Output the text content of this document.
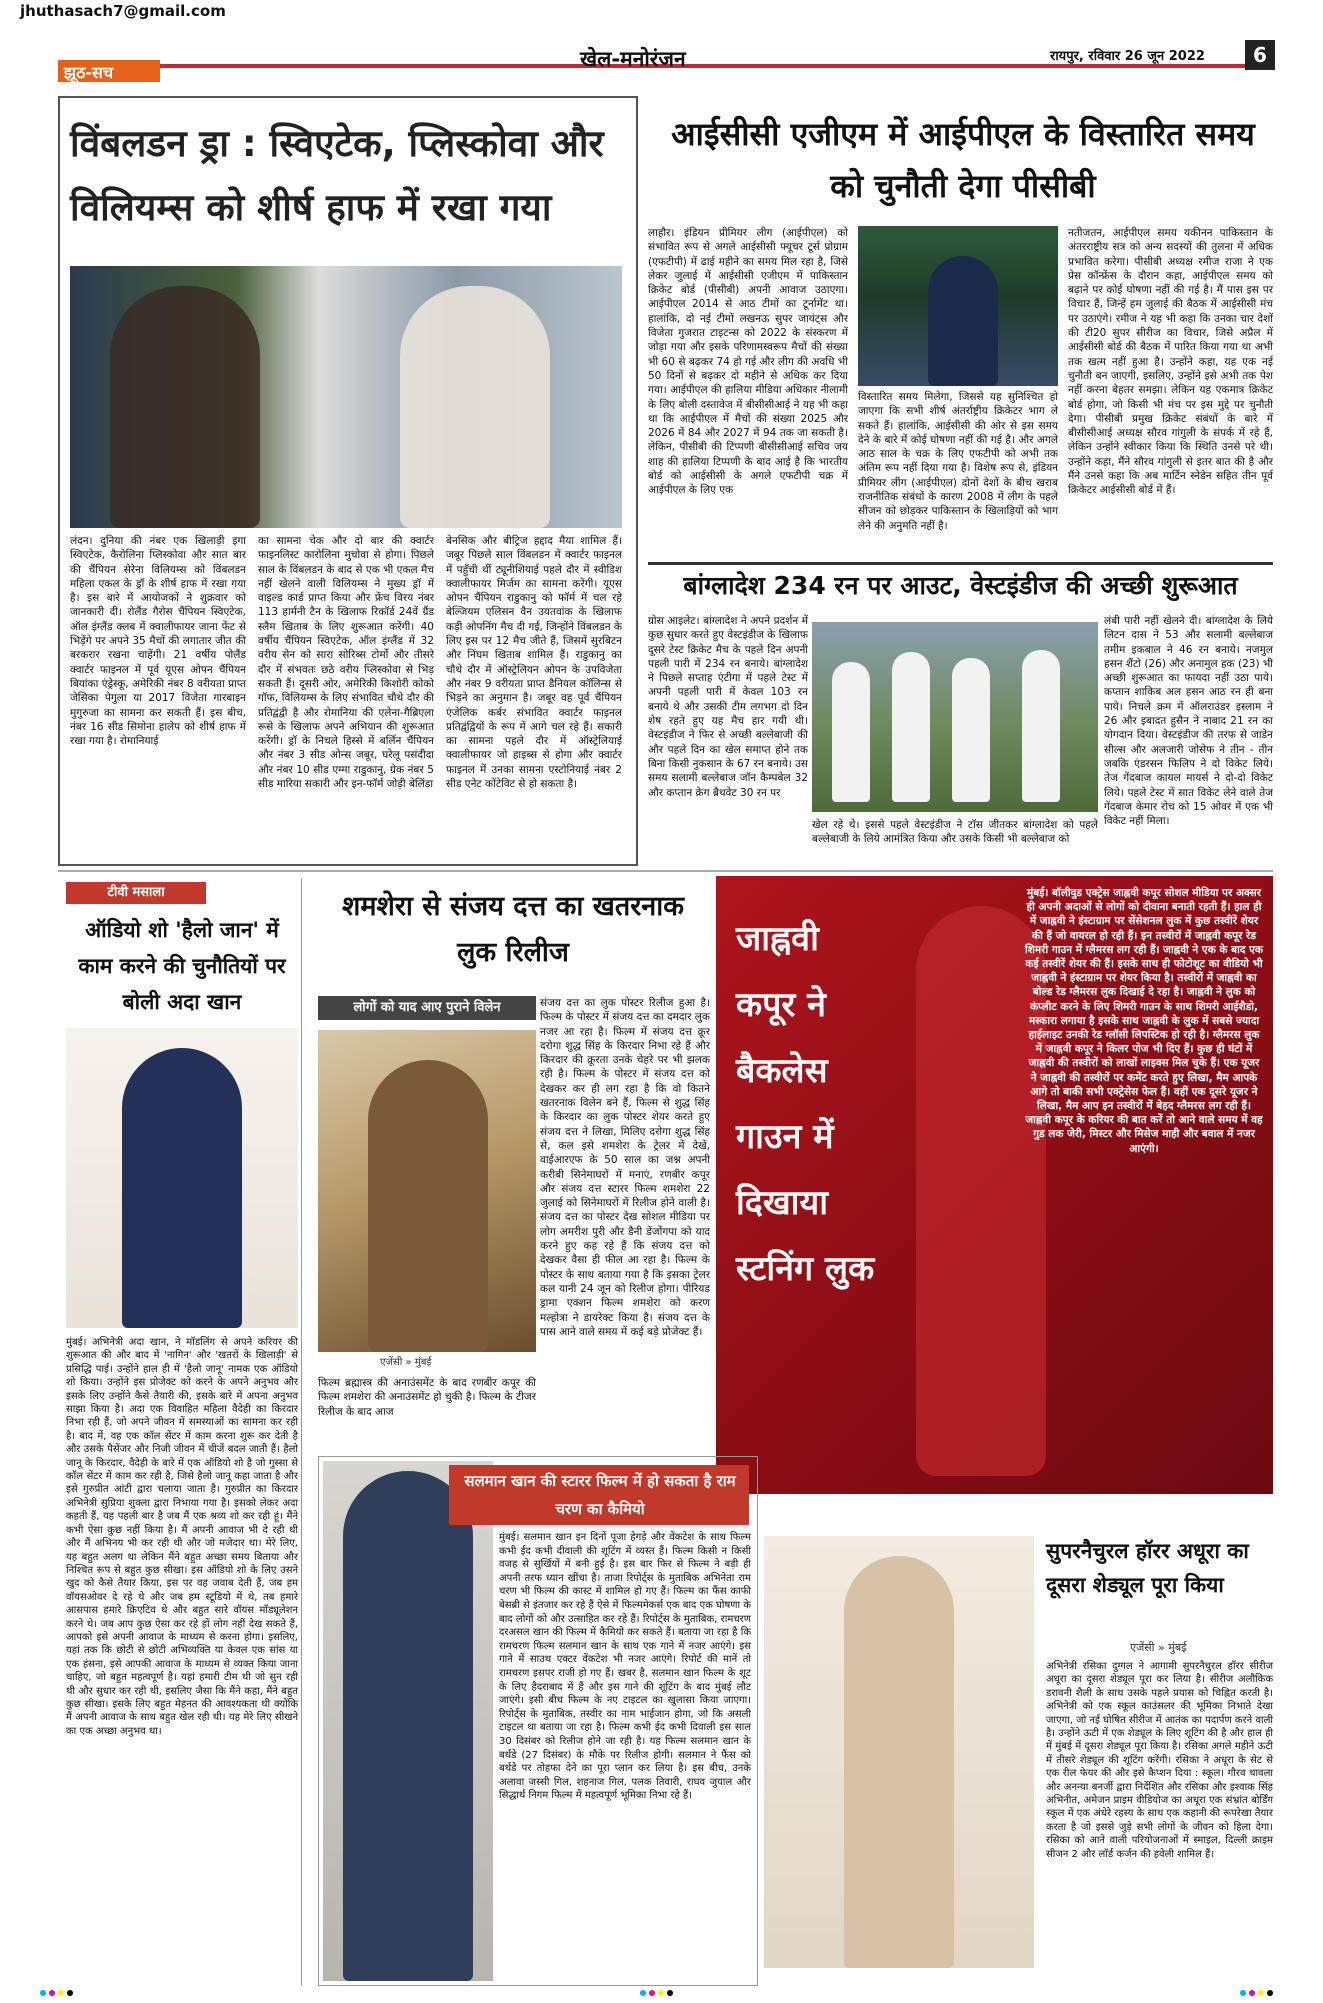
jhuthasach7@gmail.com
झूठ-सच
खेल-मनोरंजन	रायपुर, रविवार 26 जून 2022	6
विंबलडन ड्रा : स्विएटेक, प्लिस्कोवा और विलियम्स को शीर्ष हाफ में रखा गया
लंदन। दुनिया की नंबर एक खिलाड़ी इगा स्विएटेक, कैरोलिना प्लिस्कोवा और सात बार की चैंपियन सेरेना विलियम्स को विंबलडन महिला एकल के ड्रॉ के शीर्ष हाफ में रखा गया है। इस बारे में आयोजकों ने शुक्रवार को जानकारी दी। रोलैंड गैरोस चैंपियन स्विएटेक, ऑल इंग्लैंड क्लब में क्वालीफायर जाना फेंट से भिड़ेंगे पर अपने 35 मैचों की लगातार जीत की बरकरार रखना चाहेंगी। 21 वर्षीय पोलैंड क्वार्टर फाइनल में पूर्व यूएस ओपन चैंपियन बियांका एंड्रेस्कू, अमेरिकी नंबर 8 वरीयता प्राप्त जेसिका पेगुला या 2017 विजेता गारबाइन मुगुरुजा का सामना कर सकती हैं। इस बीच, नंबर 16 सीड सिमोना हालेप को शीर्ष हाफ में रखा गया है। रोमानियाई
का सामना चेक और दो बार की क्वार्टर फाइनलिस्ट कारोलिना मुचोवा से होगा। पिछले साल के विंबलडन के बाद से एक भी एकल मैच नहीं खेलने वाली विलियम्स ने मुख्य ड्रॉ में वाइल्ड कार्ड प्राप्त किया और फ्रेंच विरय नंबर 113 हार्मनी टैन के खिलाफ रिकॉर्ड 24वें ग्रैंड स्लैम खिताब के लिए शुरूआत करेंगी। 40 वर्षीय चैंपियन स्विएटेक, ऑल इंग्लैंड में 32 वरीय सेन को सारा सोरिब्स टोर्मो और तीसरे दौर में संभवतः छठे वरीय प्लिस्कोवा से भिड़ सकती हैं। दूसरी ओर, अमेरिकी किशोरी कोको गॉफ, विलियम्स के लिए संभावित चौथे दौर की प्रतिद्वंद्वी है और रोमानिया की एलेना-गैब्रिएला रूसे के खिलाफ अपने अभियान की शुरूआत करेंगी। ड्रॉ के निचले हिस्से में बर्लिन चैंपियन और नंबर 3 सीड ओन्स जबूर, घरेलू पसंदीदा और नंबर 10 सीड एम्मा राडुकानु, ग्रेक नंबर 5 सीड मारिया सकारी और इन-फॉर्म जोड़ी बेलिंडा
बेनसिक और बीट्रिज हद्दाद मैया शामिल हैं। जबूर पिछले साल विंबलडन में क्वार्टर फाइनल में पहुँची थीं ट्यूनीशियाई पहले दौर में स्वीडिश क्वालीफायर मिर्जम का सामना करेंगी। यूएस ओपन चैंपियन राडुकानु को फॉर्म में चल रहे बेल्जियम एलिसन वैन उयतवांक के खिलाफ कड़ी ओपनिंग मैच दी गई, जिन्होंने विंबलडन के लिए इस पर 12 मैच जीते हैं, जिसमें सुरबिटन और निंघम खिताब शामिल हैं। राडुकानु का चौथे दौर में ऑस्ट्रेलियन ओपन के उपविजेता और नंबर 9 वरीयता प्राप्त डैनियल कॉलिन्स से भिड़ने का अनुमान है। जबूर वह पूर्व चैंपियन एंजेलिक कर्बर संभावित क्वार्टर फाइनल प्रतिद्वंद्वियों के रूप में आगे चल रहे हैं। सकारी का सामना पहले दौर में ऑस्ट्रेलियाई क्वालीफायर जो हाइब्स से होगा और क्वार्टर फाइनल में उनका सामना एस्टोनियाई नंबर 2 सीड एनेट कोंटेविट से हो सकता है।
आईसीसी एजीएम में आईपीएल के विस्तारित समय को चुनौती देगा पीसीबी
लाहौर। इंडियन प्रीमियर लीग (आईपीएल) को संभावित रूप से अगले आईसीसी फ्यूचर टूर्स प्रोग्राम (एफटीपी) में ढाई महीने का समय मिल रहा है, जिसे लेकर जुलाई में आईसीसी एजीएम में पाकिस्तान क्रिकेट बोर्ड (पीसीबी) अपनी आवाज उठाएगा। आईपीएल 2014 से आठ टीमों का टूर्नामेंट था। हालांकि, दो नई टीमों लखनऊ सुपर जायंट्स और विजेता गुजरात टाइटन्स को 2022 के संस्करण में जोड़ा गया और इसके परिणामस्वरूप मैचों की संख्या भी 60 से बढ़कर 74 हो गई और लीग की अवधि भी 50 दिनों से बढ़कर दो महीने से अधिक कर दिया गया। आईपीएल की हालिया मीडिया अधिकार नीलामी के लिए बोली दस्तावेज में बीसीसीआई ने यह भी कहा था कि आईपीएल में मैचों की संख्या 2025 और 2026 में 84 और 2027 में 94 तक जा सकती है। लेकिन, पीसीबी की टिप्पणी बीसीसीआई सचिव जय शाह की हालिया टिप्पणी के बाद आई है कि भारतीय बोर्ड को आईसीसी के अगले एफटीपी चक्र में आईपीएल के लिए एक
विस्तारित समय मिलेगा, जिससे यह सुनिश्चित हो जाएगा कि सभी शीर्ष अंतर्राष्ट्रीय क्रिकेटर भाग ले सकते हैं। हालांकि, आईसीसी की ओर से इस समय देने के बारे में कोई घोषणा नहीं की गई है। और अगले आठ साल के चक्र के लिए एफटीपी को अभी तक अंतिम रूप नहीं दिया गया है। विशेष रूप से, इंडियन प्रीमियर लीग (आईपीएल) दोनों देशों के बीच खराब राजनीतिक संबंधों के कारण 2008 में लीग के पहले सीजन को छोड़कर पाकिस्तान के खिलाड़ियों को भाग लेने की अनुमति नहीं है।
नतीजतन, आईपीएल समय यकीनन पाकिस्तान के अंतरराष्ट्रीय सत्र को अन्य सदस्यों की तुलना में अधिक प्रभावित करेगा। पीसीबी अध्यक्ष रमीज राजा ने एक प्रेस कॉन्फ्रेंस के दौरान कहा, आईपीएल समय को बढ़ाने पर कोई घोषणा नहीं की गई है। मैं पास इस पर विचार हैं, जिन्हें हम जुलाई की बैठक में आईसीसी मंच पर उठाएंगे। रमीज ने यह भी कहा कि उनका चार देशों की टी20 सुपर सीरीज का विचार, जिसे अप्रैल में आईसीसी बोर्ड की बैठक में पारित किया गया था अभी तक खत्म नहीं हुआ है। उन्होंने कहा, यह एक नई चुनौती बन जाएगी, इसलिए, उन्होंने इसे अभी तक पेश नहीं करना बेहतर समझा। लेकिन यह एकमात्र क्रिकेट बोर्ड होगा, जो किसी भी मंच पर इस मुद्दे पर चुनौती देगा। पीसीबी प्रमुख क्रिकेट संबंधों के बारे में बीसीसीआई अध्यक्ष सौरव गांगुली के संपर्क में रहे हैं, लेकिन उन्होंने स्वीकार किया कि स्थिति उनसे परे थी। उन्होंने कहा, मैंने सौरव गांगुली से इतर बात की है और मैंने उनसे कहा कि अब मार्टिन स्नेडेन सहित तीन पूर्व क्रिकेटर आईसीसी बोर्ड में हैं।
बांग्लादेश 234 रन पर आउट, वेस्टइंडीज की अच्छी शुरूआत
ग्रोस आइलेट। बांग्लादेश ने अपने प्रदर्शन में कुछ सुधार करते हुए वेस्टइंडीज के खिलाफ दूसरे टेस्ट क्रिकेट मैच के पहले दिन अपनी पहली पारी में 234 रन बनाये। बांग्लादेश ने पिछले सप्ताह एंटीगा में पहले टेस्ट में अपनी पहली पारी में केवल 103 रन बनाये थे और उसकी टीम लगभग दो दिन शेष रहते हुए यह मैच हार गयी थी। वेस्टइंडीज ने फिर से अच्छी बल्लेबाजी की और पहले दिन का खेल समाप्त होने तक बिना किसी नुकसान के 67 रन बनाये। उस समय सलामी बल्लेबाज जॉन कैम्पबेल 32 और कप्तान क्रेग ब्रैथवेट 30 रन पर
खेल रहे थे। इससे पहले वेस्टइंडीज ने टॉस जीतकर बांग्लादेश को पहले बल्लेबाजी के लिये आमंत्रित किया और उसके किसी भी बल्लेबाज को
लंबी पारी नहीं खेलने दी। बांग्लादेश के लिये लिटन दास ने 53 और सलामी बल्लेबाज तमीम इकबाल ने 46 रन बनाये। नजमुल हसन शैंटो (26) और अनामुल हक (23) भी अच्छी शुरूआत का फायदा नहीं उठा पाये। कप्तान शाकिब अल हसन आठ रन ही बना पाये। निचले क्रम में ऑलराउंडर इस्लाम ने 26 और इबादत हुसैन ने नाबाद 21 रन का योगदान दिया। वेस्टइंडीज की तरफ से जाडेन सील्स और अलजारी जोसेफ ने तीन - तीन जबकि एंडरसन फिलिप ने दो विकेट लिये। तेज गेंदबाज कायल मायर्स ने दो-दो विकेट लिये। पहले टेस्ट में सात विकेट लेने वाले तेज गेंदबाज केमार रोच को 15 ओवर में एक भी विकेट नहीं मिला।
टीवी मसाला
ऑडियो शो 'हैलो जान' में काम करने की चुनौतियों पर बोली अदा खान
मुंबई। अभिनेत्री अदा खान, ने मॉडलिंग से अपने करियर की शुरूआत की और बाद में 'नागिन' और 'खतरों के खिलाड़ी' से प्रसिद्धि पाई। उन्होंने हाल ही में 'हैलो जानू' नामक एक ऑडियो शो किया। उन्होंने इस प्रोजेक्ट को करने के अपने अनुभव और इसके लिए उन्होंने कैसे तैयारी की, इसके बारे में अपना अनुभव साझा किया है। अदा एक विवाहित महिला वैदेही का किरदार निभा रही हैं, जो अपने जीवन में समस्याओं का सामना कर रही है। बाद में, वह एक कॉल सेंटर में काम करना शुरू कर देती है और उसके पैसेंजर और निजी जीवन में चीजें बदल जाती हैं। हैलो जानू के किरदार, वैदेही के बारे में एक ऑडियो शो है जो गुस्सा से कॉल सेंटर में काम कर रही है, जिसे हैलो जानू कहा जाता है और इसे गुरुप्रीत आंटी द्वारा चलाया जाता है। गुरुप्रीत का किरदार अभिनेत्री सुप्रिया शुक्ला द्वारा निभाया गया है। इसको लेकर अदा कहती हैं, यह पहली बार है जब मैं एक श्रव्य शो कर रही हूं। मैंने कभी ऐसा कुछ नहीं किया है। मैं अपनी आवाज भी दे रही थी और मैं अभिनय भी कर रही थी और जो मजेदार था। मेरे लिए, यह बहुत अलग था लेकिन मैंने बहुत अच्छा समय बिताया और निश्चित रूप से बहुत कुछ सीखा। इस ऑडियो शो के लिए उसने खुद को कैसे तैयार किया, इस पर वह जवाब देती हैं, जब हम वॉयसओवर दे रहे थे और जब हम स्टूडियो में थे, तब हमारे आसपास हमारे क्रिएटिव थे और बहुत सारे वॉयस मॉड्यूलेशन करने थे। जब आप कुछ ऐसा कर रहे हों लोग नहीं देख सकते हैं, आपको इसे अपनी आवाज के माध्यम से करना होगा। इसलिए, यहां तक कि छोटी से छोटी अभिव्यक्ति या केवल एक सांस या एक हंसना, इसे आपकी आवाज के माध्यम से व्यक्त किया जाना चाहिए, जो बहुत महत्वपूर्ण है। यहां हमारी टीम थी जो सुन रही थी और सुधार कर रही थी, इसलिए जैसा कि मैंने कहा, मैंने बहुत कुछ सीखा। इसके लिए बहुत मेहनत की आवश्यकता थी क्योंकि मैं अपनी आवाज के साथ बहुत खेल रही थी। यह मेरे लिए सीखने का एक अच्छा अनुभव था।
शमशेरा से संजय दत्त का खतरनाक लुक रिलीज
लोगों को याद आए पुराने विलेन
एजेंसी » मुंबई
संजय दत्त का लुक पोस्टर रिलीज हुआ है। फिल्म के पोस्टर में संजय दत्त का दमदार लुक नजर आ रहा है। फिल्म में संजय दत्त क्रूर दरोगा शुद्ध सिंह के किरदार निभा रहे हैं और किरदार की क्रूरता उनके चेहरे पर भी झलक रही है। फिल्म के पोस्टर में संजय दत्त को देखकर कर ही लग रहा है कि वो कितने खतरनाक विलेन बने हैं, फिल्म से शुद्ध सिंह के किरदार का लुक पोस्टर शेयर करते हुए संजय दत्त ने लिखा, मिलिए दरोगा शुद्ध सिंह से, कल इसे शमशेरा के ट्रेलर में देखें, वाईआरएफ के 50 साल का जश्न अपनी करीबी सिनेमाघरों में मनाएं, रणबीर कपूर और संजय दत्त स्टारर फिल्म शमशेरा 22 जुलाई को सिनेमाघरों में रिलीज होने वाली है। संजय दत्त का पोस्टर देख सोशल मीडिया पर लोग अमरीश पुरी और डैनी डेंजोंगपा को याद करने हुए कह रहे हैं कि संजय दत्त को देखकर वैसा ही फील आ रहा है। फिल्म के पोस्टर के साथ बताया गया है कि इसका ट्रेलर कल यानी 24 जून को रिलीज होगा। पीरियड ड्रामा एक्शन फिल्म शमशेरा को करण मल्होत्रा ने डायरेक्ट किया है। संजय दत्त के पास आने वाले समय में कई बड़े प्रोजेक्ट हैं।
फिल्म ब्रह्मास्त्र की अनाउंसमेंट के बाद रणबीर कपूर की फिल्म शमशेरा की अनाउंसमेंट हो चुकी है। फिल्म के टीजर रिलीज के बाद आज
जाह्नवी कपूर ने बैकलेस गाउन में दिखाया स्टनिंग लुक
मुंबई। बॉलीवुड एक्ट्रेस जाह्नवी कपूर सोशल मीडिया पर अक्सर ही अपनी अदाओं से लोगों को दीवाना बनाती रहती हैं। हाल ही में जाह्नवी ने इंस्टाग्राम पर सेंसेशनल लुक में कुछ तस्वीरें शेयर की हैं जो वायरल हो रही हैं। इन तस्वीरों में जाह्नवी कपूर रेड शिमरी गाउन में ग्लैमरस लग रही हैं। जाह्नवी ने एक के बाद एक कई तस्वीरें शेयर की हैं। इसके साथ ही फोटोशूट का वीडियो भी जाह्नवी ने इंस्टाग्राम पर शेयर किया है। तस्वीरों में जाह्नवी का बोल्ड रेड ग्लैमरस लुक दिखाई दे रहा है। जाह्नवी ने लुक को कंप्लीट करने के लिए शिमरी गाउन के साथ शिमरी आईशैडो, मस्कारा लगाया है इसके साथ जाह्नवी के लुक में सबसे ज्यादा हाईलाइट उनकी रेड ग्लॉसी लिपस्टिक हो रही है। ग्लैमरस लुक में जाह्नवी कपूर ने किलर पोज भी दिए हैं। कुछ ही घंटों में जाह्नवी की तस्वीरों को लाखों लाइक्स मिल चुके हैं। एक यूजर ने जाह्नवी की तस्वीरों पर कमेंट करते हुए लिखा, मैम आपके आगे तो बाकी सभी एक्ट्रेसेस फेल हैं। वहीं एक दूसरे यूजर ने लिखा, मैम आप इन तस्वीरों में बेहद ग्लैमरस लग रही हैं। जाह्नवी कपूर के करियर की बात करें तो आने वाले समय में वह गुड लक जेरी, मिस्टर और मिसेज माही और बवाल में नजर आएंगी।
सलमान खान की स्टारर फिल्म में हो सकता है राम चरण का कैमियो
मुंबई। सलमान खान इन दिनों पूजा हेगड़े और वेंकटेश के साथ फिल्म कभी ईद कभी दीवाली की शूटिंग में व्यस्त हैं। फिल्म किसी न किसी वजह से सुर्खियों में बनी हुई है। इस बार फिर से फिल्म ने बड़ी ही अपनी तरफ ध्यान खींचा है। ताजा रिपोर्ट्स के मुताबिक अभिनेता राम चरण भी फिल्म की कास्ट में शामिल हो गए हैं। फिल्म का फैंस काफी बेसब्री से इंतजार कर रहे हैं ऐसे में फिल्ममेकर्स एक बाद एक घोषणा के बाद लोगों को और उत्साहित कर रहे हैं। रिपोर्ट्स के मुताबिक, रामचरण दरअसल खान की फिल्म में कैमियो कर सकते हैं। बताया जा रहा है कि रामचरण फिल्म सलमान खान के साथ एक गाने में नजर आएंगे। इस गाने में साउथ एक्टर वेंकटेश भी नजर आएंगे। रिपोर्ट की मानें तो रामचरण इसपर राजी हो गए हैं। खबर है, सलमान खान फिल्म के शूट के लिए हैदराबाद में हैं और इस गाने की शूटिंग के बाद मुंबई लौट जाएंगे। इसी बीच फिल्म के नए टाइटल का खुलासा किया जाएगा। रिपोर्ट्स के मुताबिक, तस्वीर का नाम भाईजान होगा, जो कि असली टाइटल था बताया जा रहा है। फिल्म कभी ईद कभी दिवाली इस साल 30 दिसंबर को रिलीज होने जा रही है। यह फिल्म सलमान खान के बर्थडे (27 दिसंबर) के मौके पर रिलीज होगी। सलमान ने फैंस को बर्थडे पर तोहफा देने का पूरा प्लान कर लिया है। इस बीच, उनके अलावा जस्सी गिल, शहनाज गिल, पलक तिवारी, राघव जुयाल और सिद्धार्थ निगम फिल्म में महत्वपूर्ण भूमिका निभा रहे हैं।
सुपरनैचुरल हॉरर अधूरा का दूसरा शेड्यूल पूरा किया
एजेंसी » मुंबई
अभिनेत्री रसिका दुग्गल ने आगामी सुपरनैचुरल हॉरर सीरीज अधूरा का दूसरा शेड्यूल पूरा कर लिया है। सीरीज अलौकिक डरावनी शैली के साथ उसके पहले प्रयास को चिह्नित करती है। अभिनेत्री को एक स्कूल काउंसलर की भूमिका निभाते देखा जाएगा, जो नई घोषित सीरीज में आतंक का पदार्पण करने वाली है। उन्होंने ऊटी में एक शेड्यूल के लिए शूटिंग की है और हाल ही में मुंबई में दूसरा शेड्यूल पूरा किया है। रसिका अगले महीने ऊटी में तीसरे शेड्यूल की शूटिंग करेंगी। रसिका ने अधूरा के सेट से एक रील फेयर की और इसे कैप्शन दिया : स्कूल। गौरव चावला और अनन्या बनर्जी द्वारा निर्देशित और रसिका और इश्वाक सिंह अभिनीत, अमेजन प्राइम वीडियोज का अधूरा एक संभ्रांत बोर्डिंग स्कूल में एक अंधेरे रहस्य के साथ एक कहानी की रूपरेखा तैयार करता है जो इससे जुड़े सभी लोगों के जीवन को हिला देगा। रसिका को आने वाली परियोजनाओं में स्माइल, दिल्ली क्राइम सीजन 2 और लॉर्ड कर्जन की हवेली शामिल हैं।
